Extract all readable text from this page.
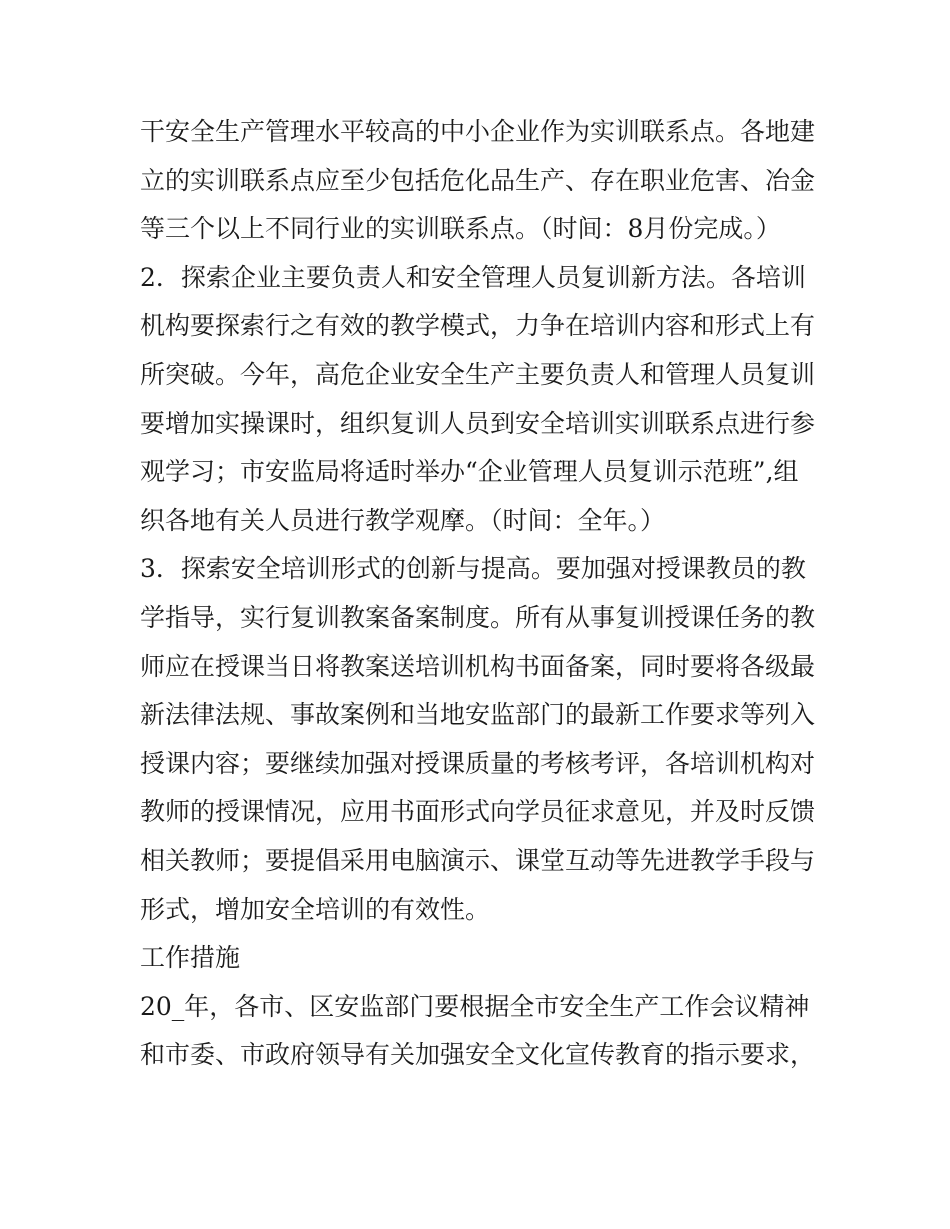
干安全生产管理水平较高的中小企业作为实训联系点。各地建
立的实训联系点应至少包括危化品生产、存在职业危害、冶金
等三个以上不同行业的实训联系点。（时间：8月份完成。）
2．探索企业主要负责人和安全管理人员复训新方法。各培训
机构要探索行之有效的教学模式，力争在培训内容和形式上有
所突破。今年，高危企业安全生产主要负责人和管理人员复训
要增加实操课时，组织复训人员到安全培训实训联系点进行参
观学习；市安监局将适时举办“企业管理人员复训示范班”,组
织各地有关人员进行教学观摩。（时间：全年。）
3．探索安全培训形式的创新与提高。要加强对授课教员的教
学指导，实行复训教案备案制度。所有从事复训授课任务的教
师应在授课当日将教案送培训机构书面备案，同时要将各级最
新法律法规、事故案例和当地安监部门的最新工作要求等列入
授课内容；要继续加强对授课质量的考核考评，各培训机构对
教师的授课情况，应用书面形式向学员征求意见，并及时反馈
相关教师；要提倡采用电脑演示、课堂互动等先进教学手段与
形式，增加安全培训的有效性。
工作措施
20_年，各市、区安监部门要根据全市安全生产工作会议精神
和市委、市政府领导有关加强安全文化宣传教育的指示要求，
